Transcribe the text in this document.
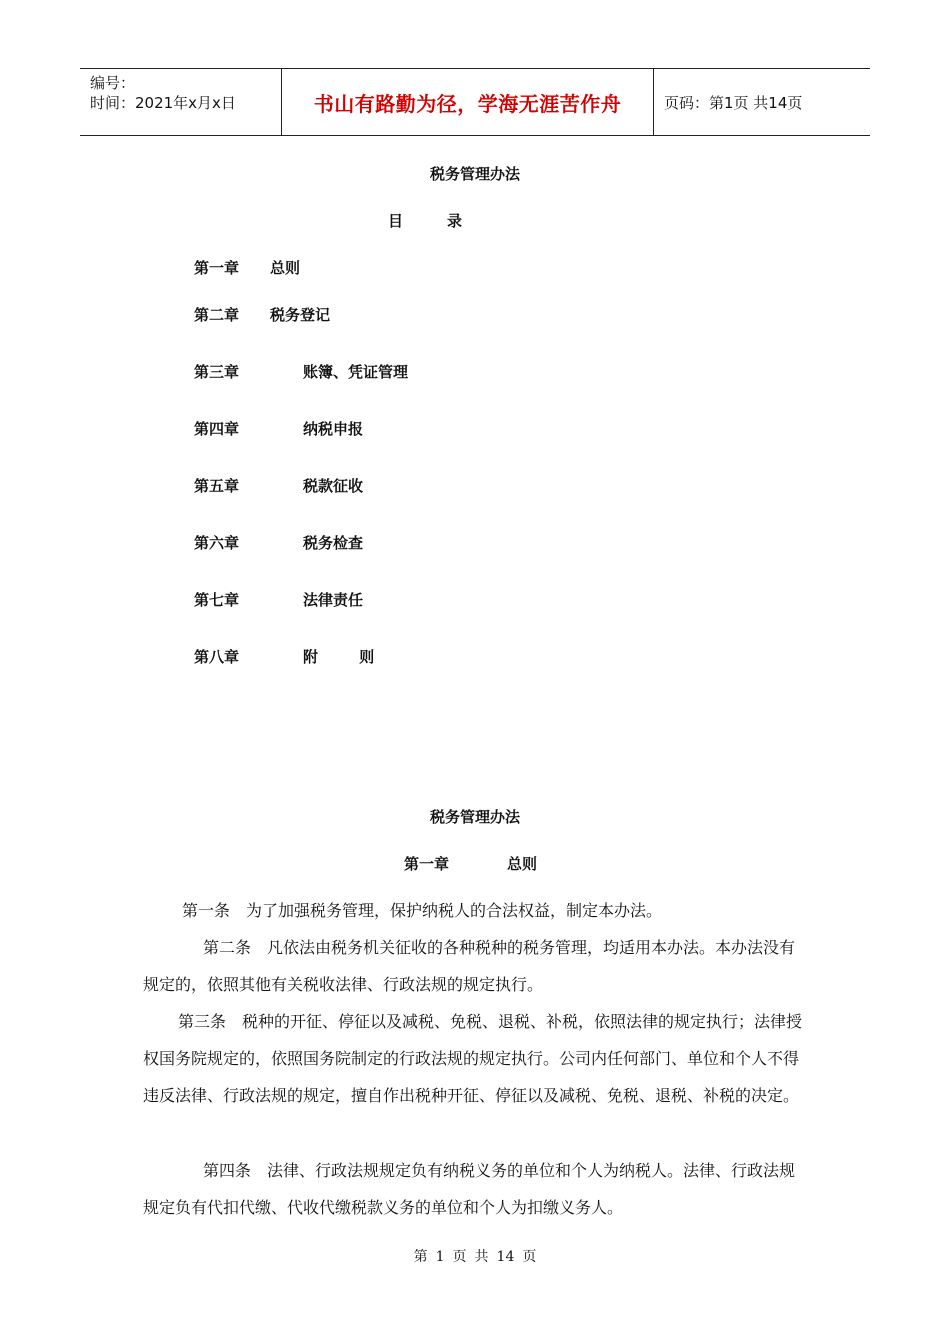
编号：
时间：2021年x月x日	书山有路勤为径，学海无涯苦作舟	页码：第1页 共14页
税务管理办法
目	录
第一章 总则
第二章 税务登记
第三章	账簿、凭证管理
第四章	纳税申报
第五章	税款征收
第六章	税务检查
第七章	法律责任
第八章	附 则
税务管理办法
第一章	总则
第一条　为了加强税务管理，保护纳税人的合法权益，制定本办法。
第二条　凡依法由税务机关征收的各种税种的税务管理，均适用本办法。本办法没有规定的，依照其他有关税收法律、行政法规的规定执行。
第三条　税种的开征、停征以及减税、免税、退税、补税，依照法律的规定执行；法律授权国务院规定的，依照国务院制定的行政法规的规定执行。公司内任何部门、单位和个人不得违反法律、行政法规的规定，擅自作出税种开征、停征以及减税、免税、退税、补税的决定。
第四条　法律、行政法规规定负有纳税义务的单位和个人为纳税人。法律、行政法规规定负有代扣代缴、代收代缴税款义务的单位和个人为扣缴义务人。
第 1 页 共 14 页
